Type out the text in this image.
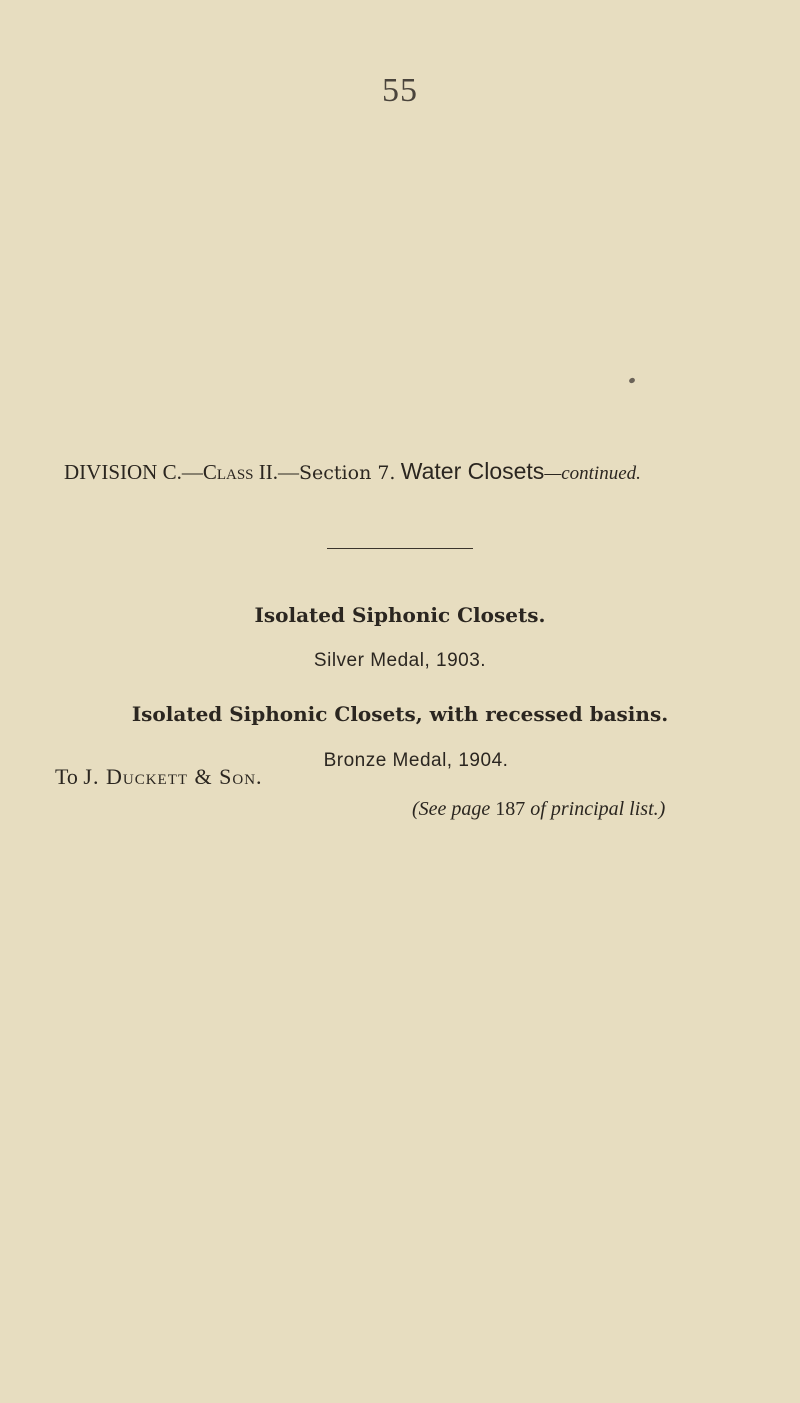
55
DIVISION C.—Class II.—Section 7. Water Closets—continued.
Isolated Siphonic Closets.
Silver Medal, 1903.
Isolated Siphonic Closets, with recessed basins.
Bronze Medal, 1904.
To J. Duckett & Son.
(See page 187 of principal list.)
